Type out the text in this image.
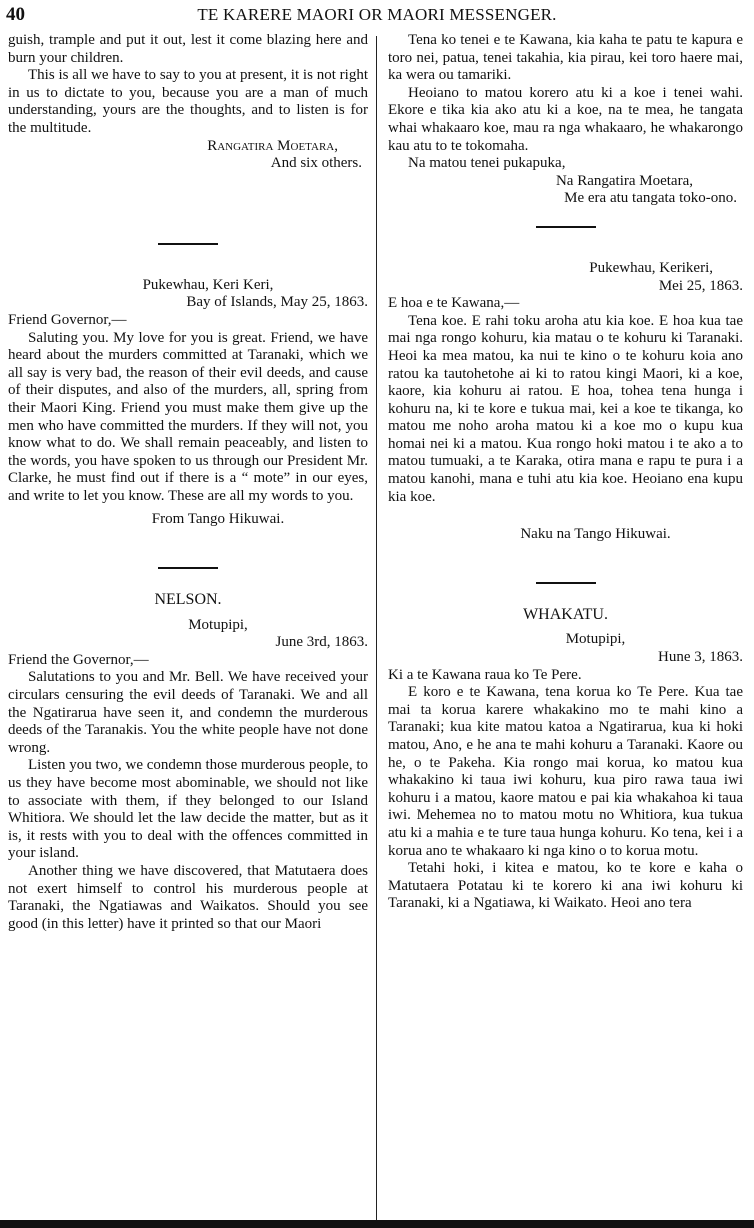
40	TE KARERE MAORI OR MAORI MESSENGER.

guish, trample and put it out, lest it come blazing here and burn your children.

This is all we have to say to you at present, it is not right in us to dictate to you, because you are a man of much understanding, yours are the thoughts, and to listen is for the multitude.

Rangatira Moetara,

And six others.

Pukewhau, Keri Keri,

Bay of Islands, May 25, 1863.

Friend Governor,—

Saluting you. My love for you is great. Friend, we have heard about the murders committed at Taranaki, which we all say is very bad, the reason of their evil deeds, and cause of their disputes, and also of the murders, all, spring from their Maori King. Friend you must make them give up the men who have committed the murders. If they will not, you know what to do. We shall remain peaceably, and listen to the words, you have spoken to us through our President Mr. Clarke, he must find out if there is a “ mote” in our eyes, and write to let you know. These are all my words to you.

From Tango Hikuwai.

NELSON.

Motupipi,

June 3rd, 1863.

Friend the Governor,—

Salutations to you and Mr. Bell. We have received your circulars censuring the evil deeds of Taranaki. We and all the Ngatirarua have seen it, and condemn the murderous deeds of the Taranakis. You the white people have not done wrong.

Listen you two, we condemn those murderous people, to us they have become most abominable, we should not like to associate with them, if they belonged to our Island Whitiora. We should let the law decide the matter, but as it is, it rests with you to deal with the offences committed in your island.

Another thing we have discovered, that Matutaera does not exert himself to control his murderous people at Taranaki, the Ngatiawas and Waikatos. Should you see good (in this letter) have it printed so that our Maori

Tena ko tenei e te Kawana, kia kaha te patu te kapura e toro nei, patua, tenei takahia, kia pirau, kei toro haere mai, ka wera ou tamariki.

Heoiano to matou korero atu ki a koe i tenei wahi. Ekore e tika kia ako atu ki a koe, na te mea, he tangata whai whakaaro koe, mau ra nga whakaaro, he whakarongo kau atu to te tokomaha.

Na matou tenei pukapuka,

Na Rangatira Moetara,

Me era atu tangata toko-ono.

Pukewhau, Kerikeri,

Mei 25, 1863.

E hoa e te Kawana,—

Tena koe. E rahi toku aroha atu kia koe. E hoa kua tae mai nga rongo kohuru, kia matau o te kohuru ki Taranaki. Heoi ka mea matou, ka nui te kino o te kohuru koia ano ratou ka tautohetohe ai ki to ratou kingi Maori, ki a koe, kaore, kia kohuru ai ratou. E hoa, tohea tena hunga i kohuru na, ki te kore e tukua mai, kei a koe te tikanga, ko matou me noho aroha matou ki a koe mo o kupu kua homai nei ki a matou. Kua rongo hoki matou i te ako a to matou tumuaki, a te Karaka, otira mana e rapu te pura i a matou kanohi, mana e tuhi atu kia koe. Heoiano ena kupu kia koe.

Naku na Tango Hikuwai.

WHAKATU.

Motupipi,

Hune 3, 1863.

Ki a te Kawana raua ko Te Pere.

E koro e te Kawana, tena korua ko Te Pere. Kua tae mai ta korua karere whakakino mo te mahi kino a Taranaki; kua kite matou katoa a Ngatirarua, kua ki hoki matou, Ano, e he ana te mahi kohuru a Taranaki. Kaore ou he, o te Pakeha. Kia rongo mai korua, ko matou kua whakakino ki taua iwi kohuru, kua piro rawa taua iwi kohuru i a matou, kaore matou e pai kia whakahoa ki taua iwi. Mehemea no to matou motu no Whitiora, kua tukua atu ki a mahia e te ture taua hunga kohuru. Ko tena, kei i a korua ano te whakaaro ki nga kino o to korua motu.

Tetahi hoki, i kitea e matou, ko te kore e kaha o Matutaera Potatau ki te korero ki ana iwi kohuru ki Taranaki, ki a Ngatiawa, ki Waikato. Heoi ano tera
